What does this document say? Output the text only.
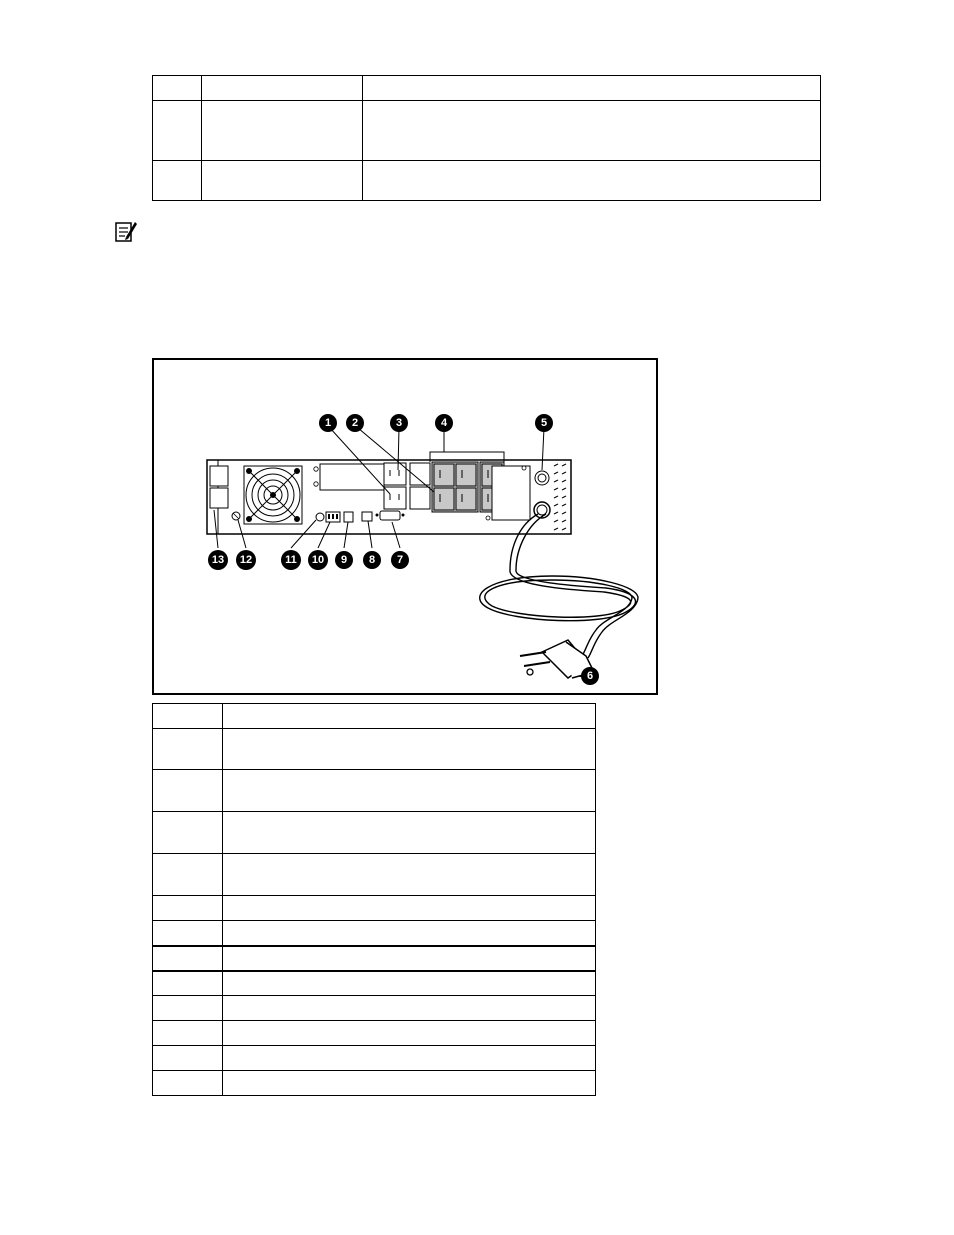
1 2	3	4	5
6
7
8
9
10
11
12
13
